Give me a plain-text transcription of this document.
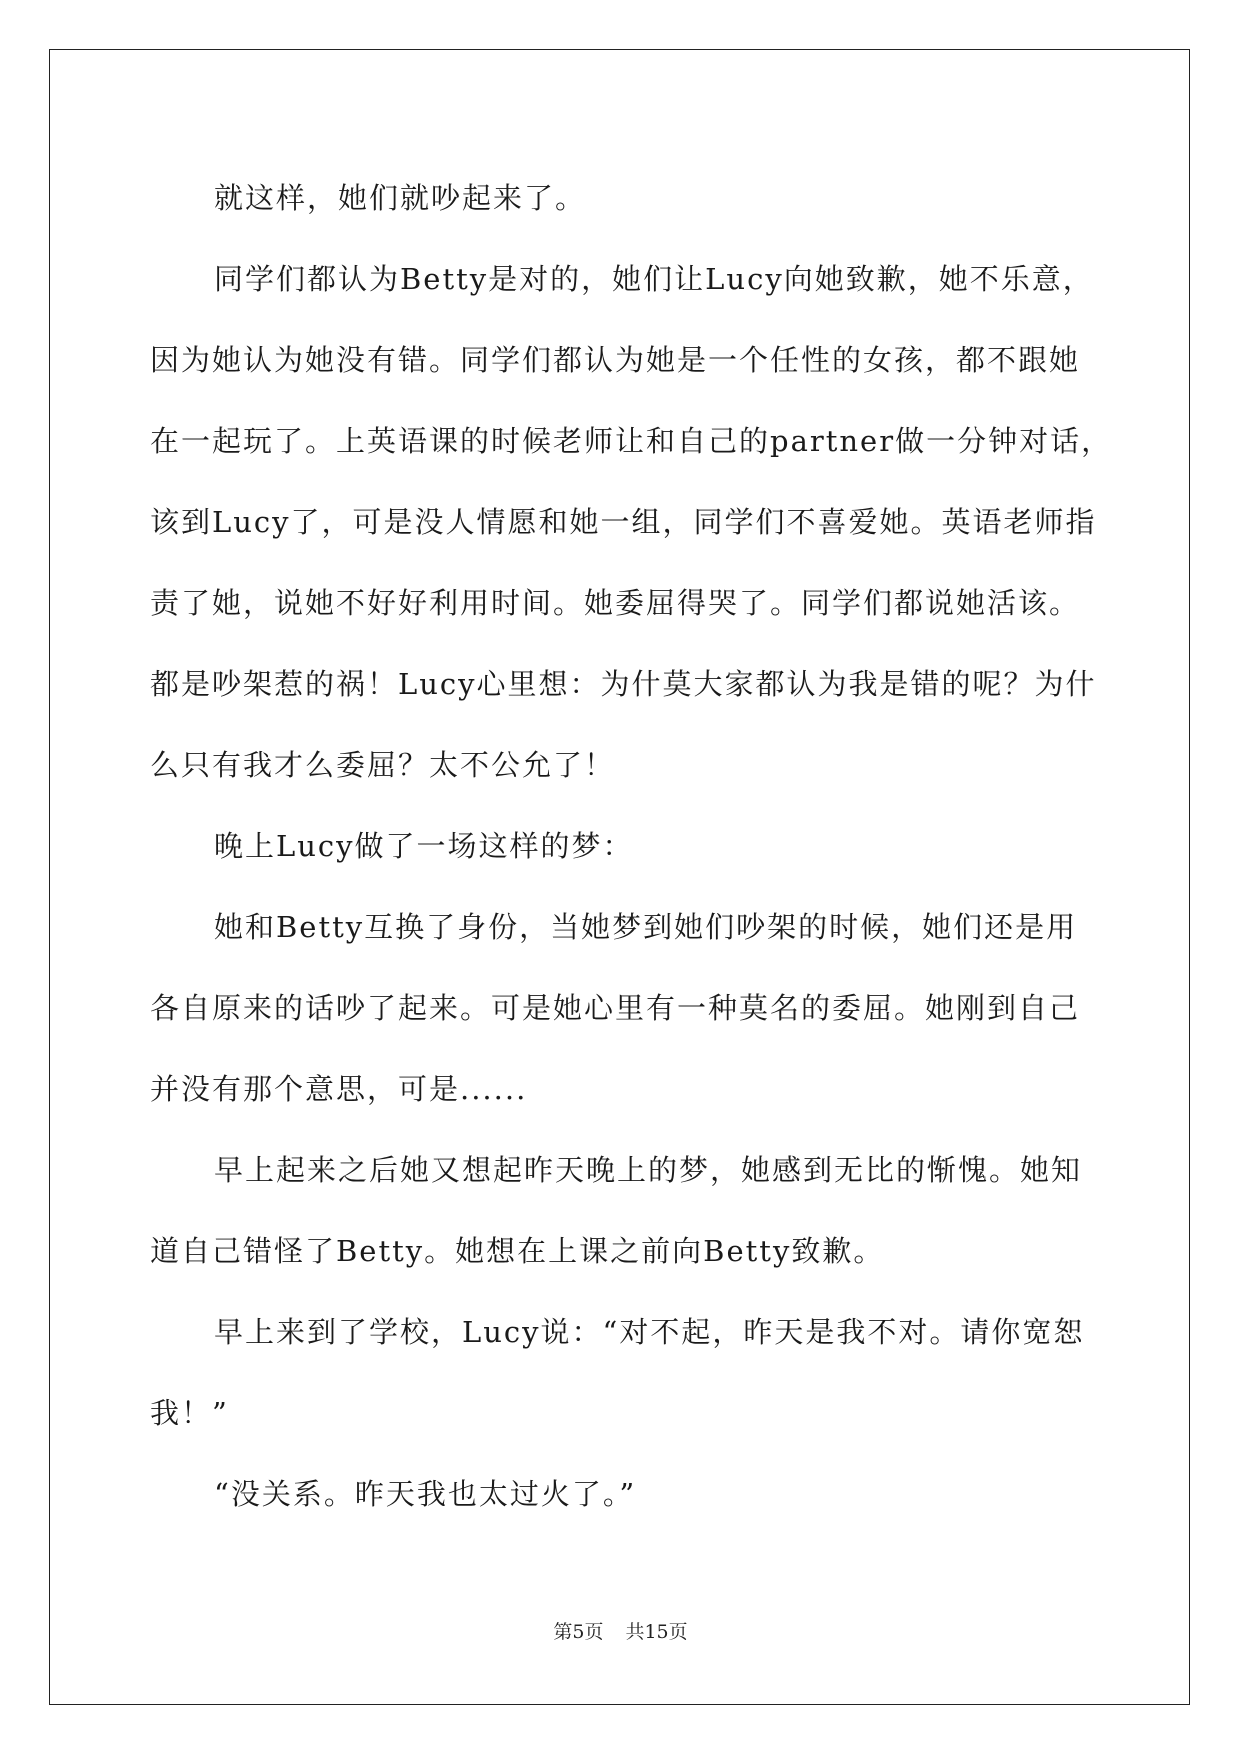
就这样，她们就吵起来了。

同学们都认为Betty是对的，她们让Lucy向她致歉，她不乐意，

因为她认为她没有错。同学们都认为她是一个任性的女孩，都不跟她

在一起玩了。上英语课的时候老师让和自己的partner做一分钟对话，

该到Lucy了，可是没人情愿和她一组，同学们不喜爱她。英语老师指

责了她，说她不好好利用时间。她委屈得哭了。同学们都说她活该。

都是吵架惹的祸！Lucy心里想：为什莫大家都认为我是错的呢？为什

么只有我才么委屈？太不公允了！

晚上Lucy做了一场这样的梦：

她和Betty互换了身份，当她梦到她们吵架的时候，她们还是用

各自原来的话吵了起来。可是她心里有一种莫名的委屈。她刚到自己

并没有那个意思，可是......

早上起来之后她又想起昨天晚上的梦，她感到无比的惭愧。她知

道自己错怪了Betty。她想在上课之前向Betty致歉。

早上来到了学校，Lucy说：“对不起，昨天是我不对。请你宽恕

我！”

“没关系。昨天我也太过火了。”

第5页 共15页
